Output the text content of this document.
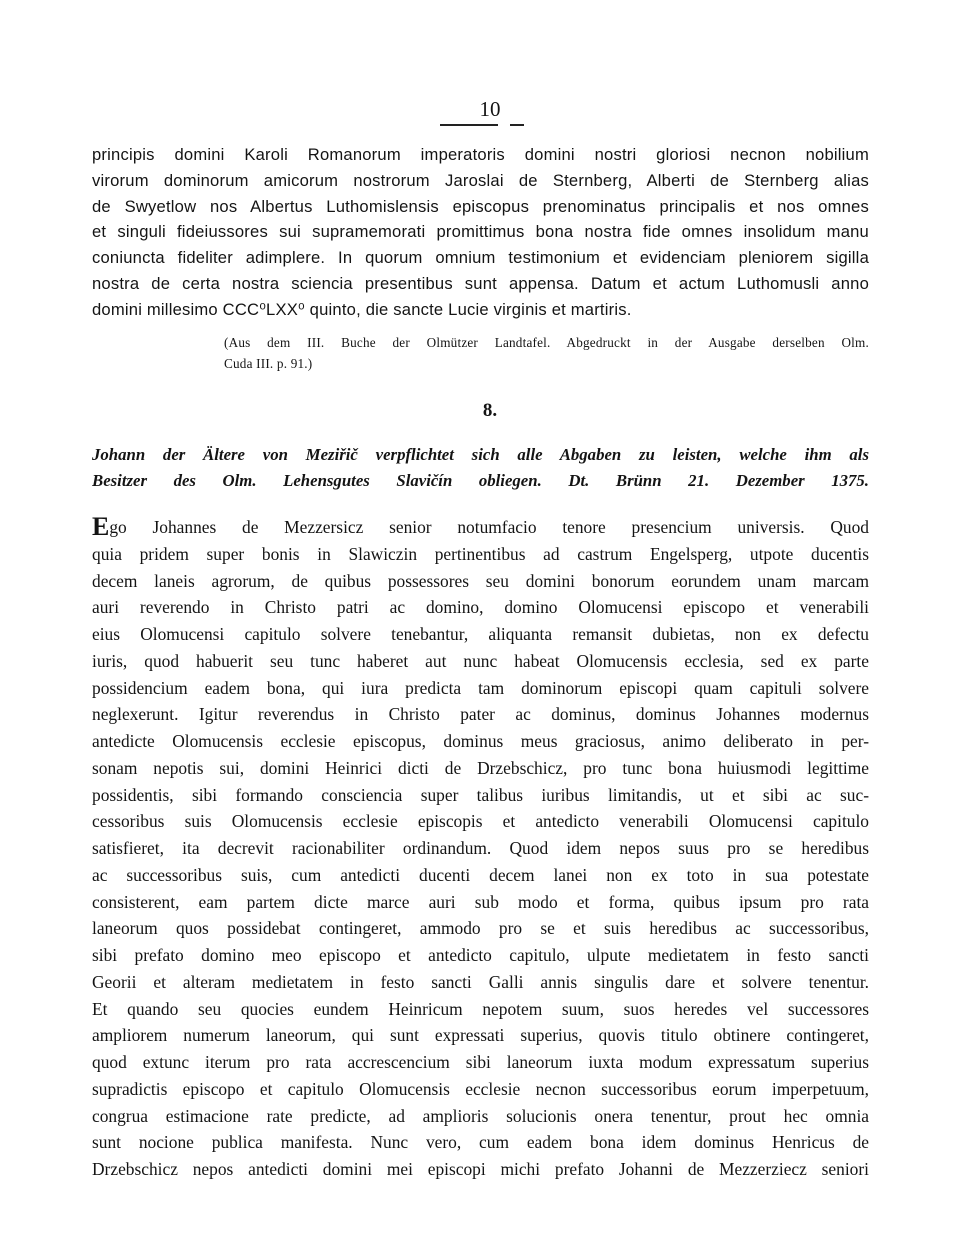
10
principis domini Karoli Romanorum imperatoris domini nostri gloriosi necnon nobilium
virorum dominorum amicorum nostrorum Jaroslai de Sternberg, Alberti de Sternberg alias
de Swyetlow nos Albertus Luthomislensis episcopus prenominatus principalis et nos omnes
et singuli fideiussores sui supramemorati promittimus bona nostra fide omnes insolidum manu
coniuncta fideliter adimplere. In quorum omnium testimonium et evidenciam pleniorem sigilla
nostra de certa nostra sciencia presentibus sunt appensa. Datum et actum Luthomusli anno
domini millesimo CCC⁰LXX⁰ quinto, die sancte Lucie virginis et martiris.
(Aus dem III. Buche der Olmützer Landtafel. Abgedruckt in der Ausgabe derselben Olm.
Cuda III. p. 91.)
8.
Johann der Ältere von Meziřič verpflichtet sich alle Abgaben zu leisten, welche ihm als
Besitzer des Olm. Lehensgutes Slavičín obliegen. Dt. Brünn 21. Dezember 1375.
Ego Johannes de Mezzersicz senior notumfacio tenore presencium universis. Quod
quia pridem super bonis in Slawiczin pertinentibus ad castrum Engelsperg, utpote ducentis
decem laneis agrorum, de quibus possessores seu domini bonorum eorundem unam marcam
auri reverendo in Christo patri ac domino, domino Olomucensi episcopo et venerabili
eius Olomucensi capitulo solvere tenebantur, aliquanta remansit dubietas, non ex defectu
iuris, quod habuerit seu tunc haberet aut nunc habeat Olomucensis ecclesia, sed ex parte
possidencium eadem bona, qui iura predicta tam dominorum episcopi quam capituli solvere
neglexerunt. Igitur reverendus in Christo pater ac dominus, dominus Johannes modernus
antedicte Olomucensis ecclesie episcopus, dominus meus graciosus, animo deliberato in per-
sonam nepotis sui, domini Heinrici dicti de Drzebschicz, pro tunc bona huiusmodi legittime
possidentis, sibi formando consciencia super talibus iuribus limitandis, ut et sibi ac suc-
cessoribus suis Olomucensis ecclesie episcopis et antedicto venerabili Olomucensi capitulo
satisfieret, ita decrevit racionabiliter ordinandum. Quod idem nepos suus pro se heredibus
ac successoribus suis, cum antedicti ducenti decem lanei non ex toto in sua potestate
consisterent, eam partem dicte marce auri sub modo et forma, quibus ipsum pro rata
laneorum quos possidebat contingeret, ammodo pro se et suis heredibus ac successoribus,
sibi prefato domino meo episcopo et antedicto capitulo, ulpute medietatem in festo sancti
Georii et alteram medietatem in festo sancti Galli annis singulis dare et solvere tenentur.
Et quando seu quocies eundem Heinricum nepotem suum, suos heredes vel successores
ampliorem numerum laneorum, qui sunt expressati superius, quovis titulo obtinere contingeret,
quod extunc iterum pro rata accrescencium sibi laneorum iuxta modum expressatum superius
supradictis episcopo et capitulo Olomucensis ecclesie necnon successoribus eorum imperpetuum,
congrua estimacione rate predicte, ad amplioris solucionis onera tenentur, prout hec omnia
sunt nocione publica manifesta. Nunc vero, cum eadem bona idem dominus Henricus de
Drzebschicz nepos antedicti domini mei episcopi michi prefato Johanni de Mezzerziecz seniori
